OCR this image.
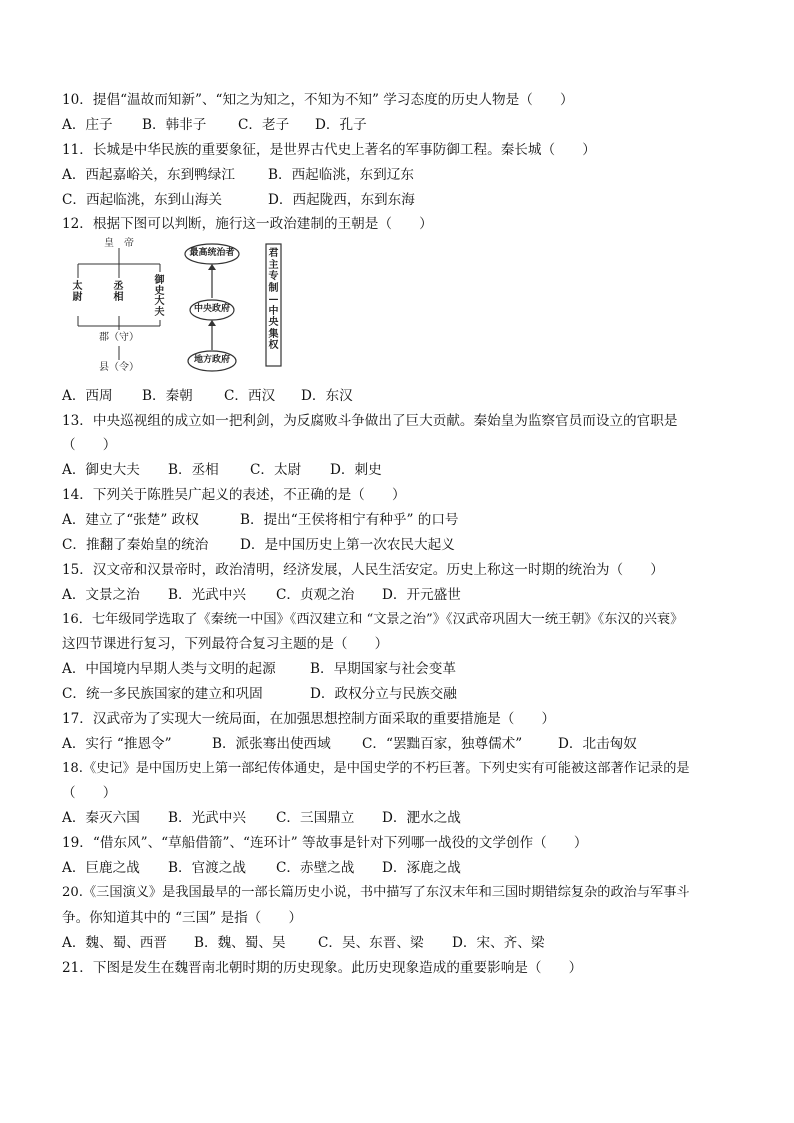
10．提倡“温故而知新”、“知之为知之，不知为不知” 学习态度的历史人物是（　　）
A．庄子 B．韩非子 C．老子 D．孔子
11．长城是中华民族的重要象征，是世界古代史上著名的军事防御工程。秦长城（　　）
A．西起嘉峪关，东到鸭绿江 B．西起临洮，东到辽东
C．西起临洮，东到山海关	D．西起陇西，东到东海
12．根据下图可以判断，施行这一政治建制的王朝是（　　）
皇　帝
太尉
丞相
御史大夫
郡（守）
县（令）
最高统治者
中央政府
地方政府
君主专制—中央集权
A．西周 B．秦朝 C．西汉 D．东汉
13．中央巡视组的成立如一把利剑，为反腐败斗争做出了巨大贡献。秦始皇为监察官员而设立的官职是
（　　）
A．御史大夫 B．丞相 C．太尉 D．刺史
14．下列关于陈胜吴广起义的表述，不正确的是（　　）
A．建立了“张楚” 政权	B．提出“王侯将相宁有种乎” 的口号
C．推翻了秦始皇的统治 D．是中国历史上第一次农民大起义
15．汉文帝和汉景帝时，政治清明，经济发展，人民生活安定。历史上称这一时期的统治为（　　）
A．文景之治 B．光武中兴 C．贞观之治 D．开元盛世
16．七年级同学选取了《秦统一中国》《西汉建立和 “文景之治”》《汉武帝巩固大一统王朝》《东汉的兴衰》
这四节课进行复习，下列最符合复习主题的是（　　）
A．中国境内早期人类与文明的起源	B．早期国家与社会变革
C．统一多民族国家的建立和巩固	D．政权分立与民族交融
17．汉武帝为了实现大一统局面，在加强思想控制方面采取的重要措施是（　　）
A．实行 “推恩令”	B．派张骞出使西域 C．“罢黜百家，独尊儒术”	D．北击匈奴
18.《史记》是中国历史上第一部纪传体通史，是中国史学的不朽巨著。下列史实有可能被这部著作记录的是
（　　）
A．秦灭六国 B．光武中兴 C．三国鼎立 D．淝水之战
19．“借东风”、“草船借箭”、“连环计” 等故事是针对下列哪一战役的文学创作（　　）
A．巨鹿之战 B．官渡之战 C．赤壁之战 D．涿鹿之战
20.《三国演义》是我国最早的一部长篇历史小说，书中描写了东汉末年和三国时期错综复杂的政治与军事斗
争。你知道其中的 “三国” 是指（　　）
A．魏、蜀、西晋 B．魏、蜀、吴 C．吴、东晋、梁 D．宋、齐、梁
21．下图是发生在魏晋南北朝时期的历史现象。此历史现象造成的重要影响是（　　）
